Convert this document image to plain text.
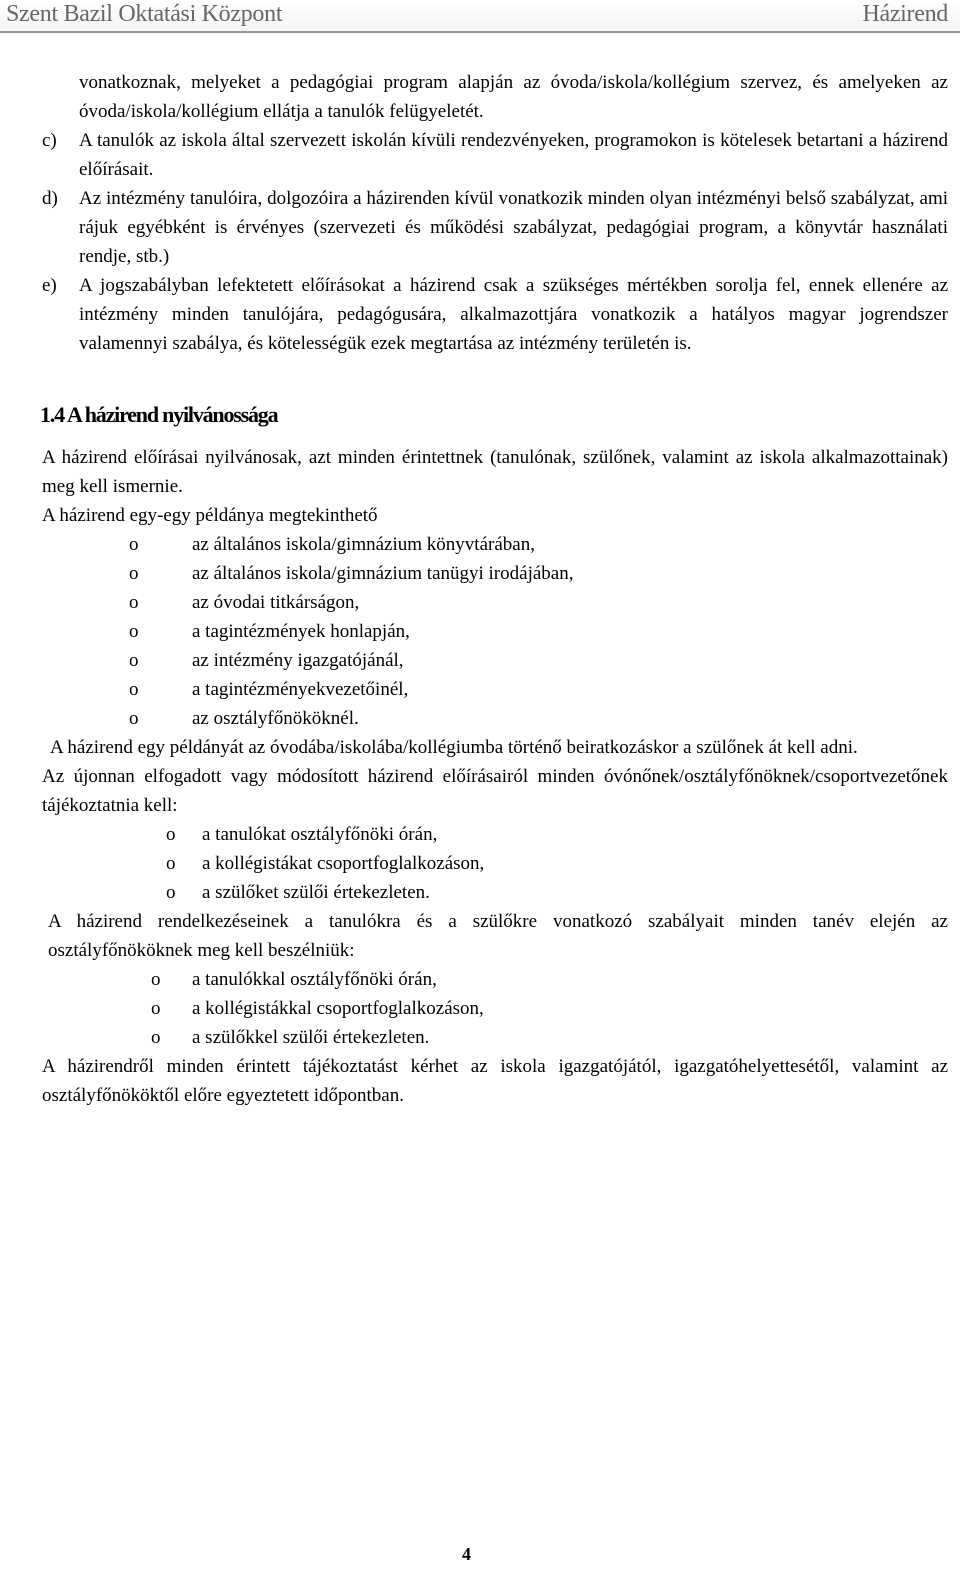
Szent Bazil Oktatási Központ	Házirend
vonatkoznak, melyeket a pedagógiai program alapján az óvoda/iskola/kollégium szervez, és amelyeken az óvoda/iskola/kollégium ellátja a tanulók felügyeletét.
c) A tanulók az iskola által szervezett iskolán kívüli rendezvényeken, programokon is kötelesek betartani a házirend előírásait.
d) Az intézmény tanulóira, dolgozóira a házirenden kívül vonatkozik minden olyan intézményi belső szabályzat, ami rájuk egyébként is érvényes (szervezeti és működési szabályzat, pedagógiai program, a könyvtár használati rendje, stb.)
e) A jogszabályban lefektetett előírásokat a házirend csak a szükséges mértékben sorolja fel, ennek ellenére az intézmény minden tanulójára, pedagógusára, alkalmazottjára vonatkozik a hatályos magyar jogrendszer valamennyi szabálya, és kötelességük ezek megtartása az intézmény területén is.
1.4 A házirend nyilvánossága
A házirend előírásai nyilvánosak, azt minden érintettnek (tanulónak, szülőnek, valamint az iskola alkalmazottainak) meg kell ismernie.
A házirend egy-egy példánya megtekinthető
o	az általános iskola/gimnázium könyvtárában,
o	az általános iskola/gimnázium tanügyi irodájában,
o	az óvodai titkárságon,
o	a tagintézmények honlapján,
o	az intézmény igazgatójánál,
o	a tagintézményekvezetőinél,
o	az osztályfőnököknél.
A házirend egy példányát az óvodába/iskolába/kollégiumba történő beiratkozáskor a szülőnek át kell adni.
Az újonnan elfogadott vagy módosított házirend előírásairól minden óvónőnek/osztályfőnöknek/csoportvezetőnek tájékoztatnia kell:
o a tanulókat osztályfőnöki órán,
o a kollégistákat csoportfoglalkozáson,
o a szülőket szülői értekezleten.
A házirend rendelkezéseinek a tanulókra és a szülőkre vonatkozó szabályait minden tanév elején az osztályfőnököknek meg kell beszélniük:
o a tanulókkal osztályfőnöki órán,
o a kollégistákkal csoportfoglalkozáson,
o a szülőkkel szülői értekezleten.
A házirendről minden érintett tájékoztatást kérhet az iskola igazgatójától, igazgatóhelyettesétől, valamint az osztályfőnököktől előre egyeztetett időpontban.
4
